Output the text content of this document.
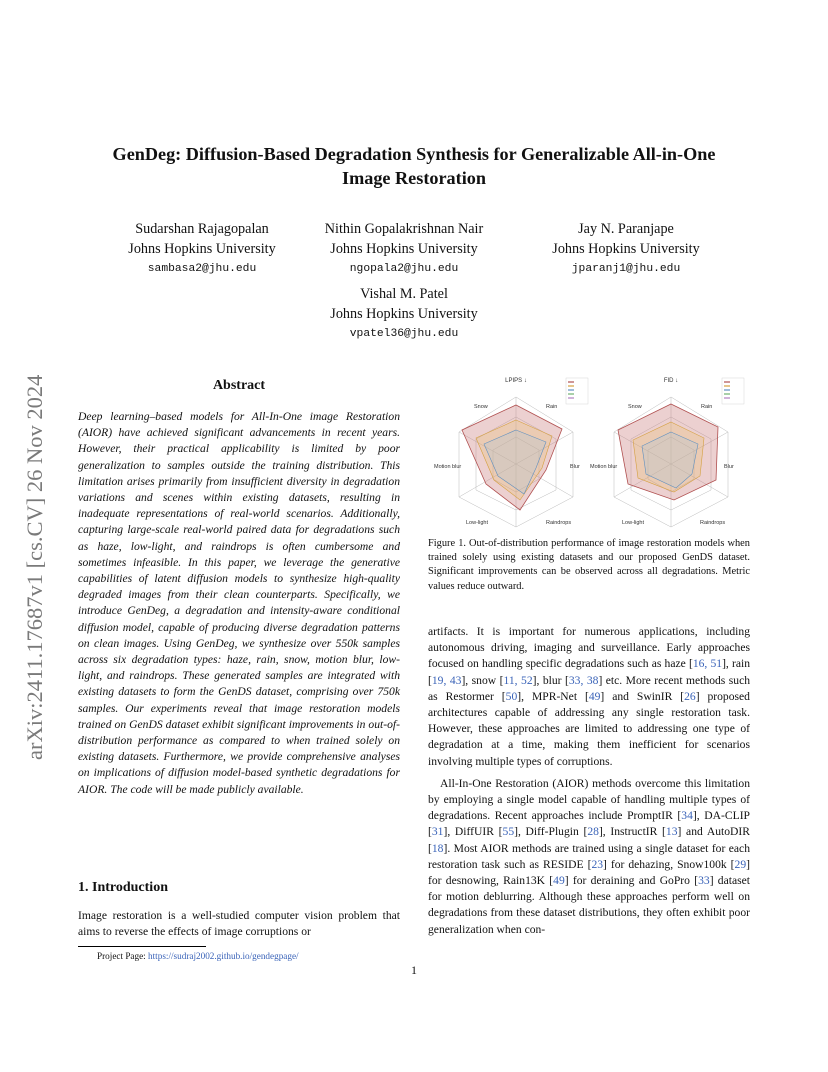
arXiv:2411.17687v1 [cs.CV] 26 Nov 2024
GenDeg: Diffusion-Based Degradation Synthesis for Generalizable All-in-One
Image Restoration
Sudarshan Rajagopalan
Johns Hopkins University
sambasa2@jhu.edu
Nithin Gopalakrishnan Nair
Johns Hopkins University
ngopala2@jhu.edu
Jay N. Paranjape
Johns Hopkins University
jparanj1@jhu.edu
Vishal M. Patel
Johns Hopkins University
vpatel36@jhu.edu
Abstract
Deep learning–based models for All-In-One image Restoration (AIOR) have achieved significant advancements in recent years. However, their practical applicability is limited by poor generalization to samples outside the training distribution. This limitation arises primarily from insufficient diversity in degradation variations and scenes within existing datasets, resulting in inadequate representations of real-world scenarios. Additionally, capturing large-scale real-world paired data for degradations such as haze, low-light, and raindrops is often cumbersome and sometimes infeasible. In this paper, we leverage the generative capabilities of latent diffusion models to synthesize high-quality degraded images from their clean counterparts. Specifically, we introduce GenDeg, a degradation and intensity-aware conditional diffusion model, capable of producing diverse degradation patterns on clean images. Using GenDeg, we synthesize over 550k samples across six degradation types: haze, rain, snow, motion blur, low-light, and raindrops. These generated samples are integrated with existing datasets to form the GenDS dataset, comprising over 750k samples. Our experiments reveal that image restoration models trained on GenDS dataset exhibit significant improvements in out-of-distribution performance as compared to when trained solely on existing datasets. Furthermore, we provide comprehensive analyses on implications of diffusion model-based synthetic degradations for AIOR. The code will be made publicly available.
1. Introduction
Image restoration is a well-studied computer vision problem that aims to reverse the effects of image corruptions or
Project Page: https://sudraj2002.github.io/gendegpage/
LPIPS ↓
Snow	Rain
Blur
Raindrops
Low-light
Motion blur
FID ↓
Snow	Rain
Blur
Raindrops
Low-light
Motion blur
Figure 1. Out-of-distribution performance of image restoration models when trained solely using existing datasets and our proposed GenDS dataset. Significant improvements can be observed across all degradations. Metric values reduce outward.

artifacts. It is important for numerous applications, including autonomous driving, imaging and surveillance. Early approaches focused on handling specific degradations such as haze [16, 51], rain [19, 43], snow [11, 52], blur [33, 38] etc. More recent methods such as Restormer [50], MPR-Net [49] and SwinIR [26] proposed architectures capable of addressing any single restoration task. However, these approaches are limited to addressing one type of degradation at a time, making them inefficient for scenarios involving multiple types of corruptions.

All-In-One Restoration (AIOR) methods overcome this limitation by employing a single model capable of handling multiple types of degradations. Recent approaches include PromptIR [34], DA-CLIP [31], DiffUIR [55], Diff-Plugin [28], InstructIR [13] and AutoDIR [18]. Most AIOR methods are trained using a single dataset for each restoration task such as RESIDE [23] for dehazing, Snow100k [29] for desnowing, Rain13K [49] for deraining and GoPro [33] dataset for motion deblurring. Although these approaches perform well on degradations from these dataset distributions, they often exhibit poor generalization when con-

1
